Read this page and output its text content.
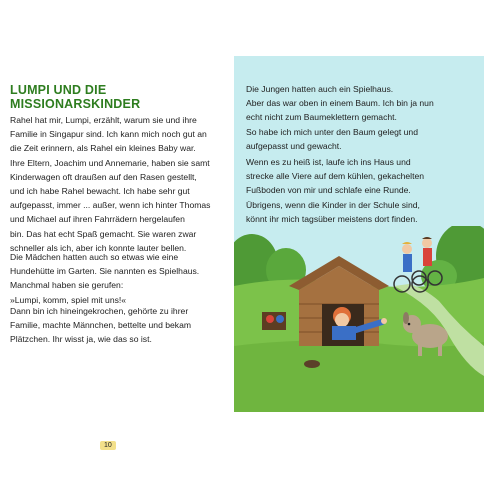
LUMPI UND DIE MISSIONARSKINDER
Rahel hat mir, Lumpi, erzählt, warum sie und ihre
Familie in Singapur sind. Ich kann mich noch gut an
die Zeit erinnern, als Rahel ein kleines Baby war.
Ihre Eltern, Joachim und Annemarie, haben sie samt
Kinderwagen oft draußen auf den Rasen gestellt,
und ich habe Rahel bewacht. Ich habe sehr gut
aufgepasst, immer ... außer, wenn ich hinter Thomas
und Michael auf ihren Fahrrädern hergelaufen
bin. Das hat echt Spaß gemacht. Sie waren zwar
schneller als ich, aber ich konnte lauter bellen.
Die Mädchen hatten auch so etwas wie eine
Hundehütte im Garten. Sie nannten es Spielhaus.
Manchmal haben sie gerufen:
»Lumpi, komm, spiel mit uns!«
Dann bin ich hineingekrochen, gehörte zu ihrer
Familie, machte Männchen, bettelte und bekam
Plätzchen. Ihr wisst ja, wie das so ist.
10
Die Jungen hatten auch ein Spielhaus.
Aber das war oben in einem Baum. Ich bin ja nun
echt nicht zum Baumeklettern gemacht.
So habe ich mich unter den Baum gelegt und
aufgepasst und gewacht.
Wenn es zu heiß ist, laufe ich ins Haus und
strecke alle Viere auf dem kühlen, gekachelten
Fußboden von mir und schlafe eine Runde.
Übrigens, wenn die Kinder in der Schule sind,
könnt ihr mich tagsüber meistens dort finden.
